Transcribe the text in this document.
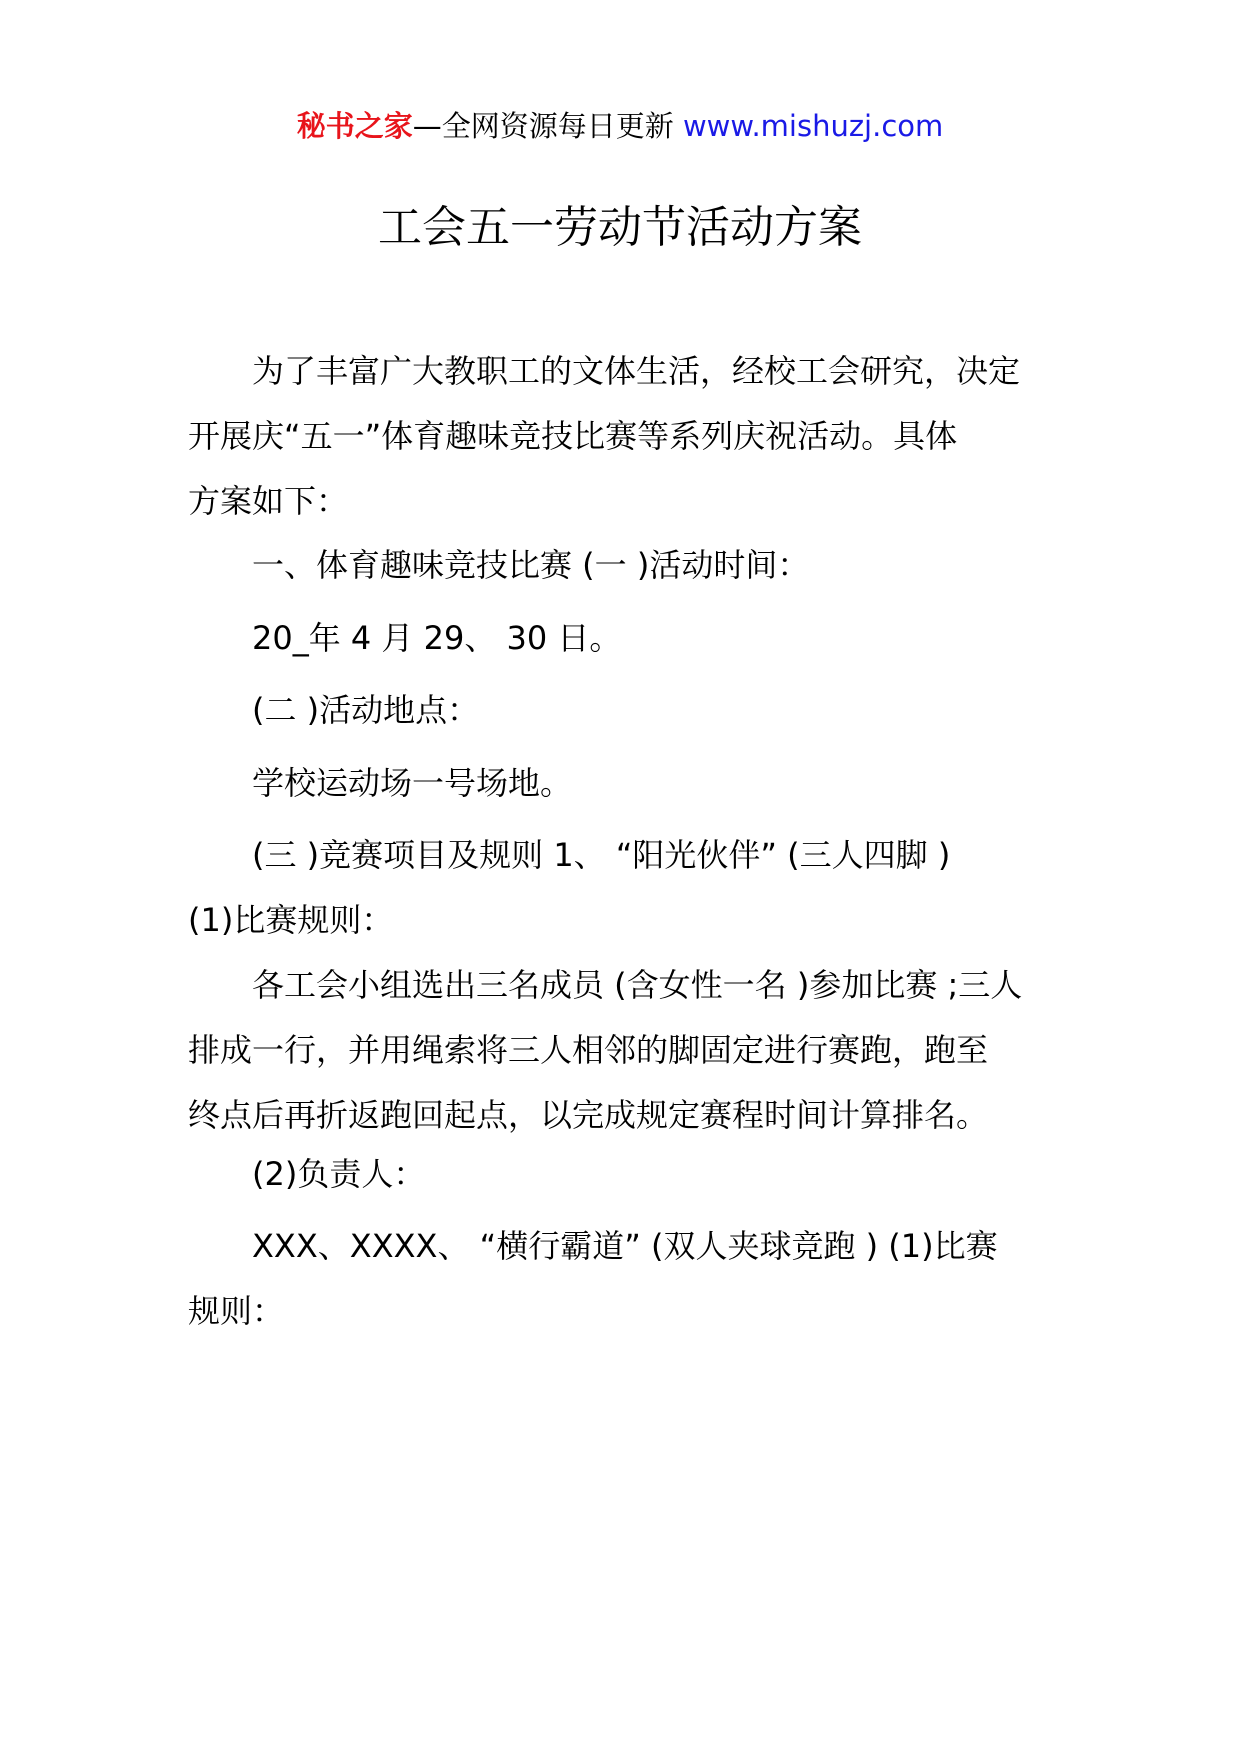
秘书之家—全网资源每日更新 www.mishuzj.com
工会五一劳动节活动方案
为了丰富广大教职工的文体生活，经校工会研究，决定
开展庆“五一”体育趣味竞技比赛等系列庆祝活动。具体
方案如下：
一、体育趣味竞技比赛 (一 )活动时间：
20_年 4 月 29、 30 日。
(二 )活动地点：
学校运动场一号场地。
(三 )竞赛项目及规则 1、 “阳光伙伴” (三人四脚 )
(1)比赛规则：
各工会小组选出三名成员 (含女性一名 )参加比赛 ;三人
排成一行，并用绳索将三人相邻的脚固定进行赛跑，跑至
终点后再折返跑回起点，以完成规定赛程时间计算排名。
(2)负责人：
XXX、XXXX、 “横行霸道” (双人夹球竞跑 ) (1)比赛
规则：
